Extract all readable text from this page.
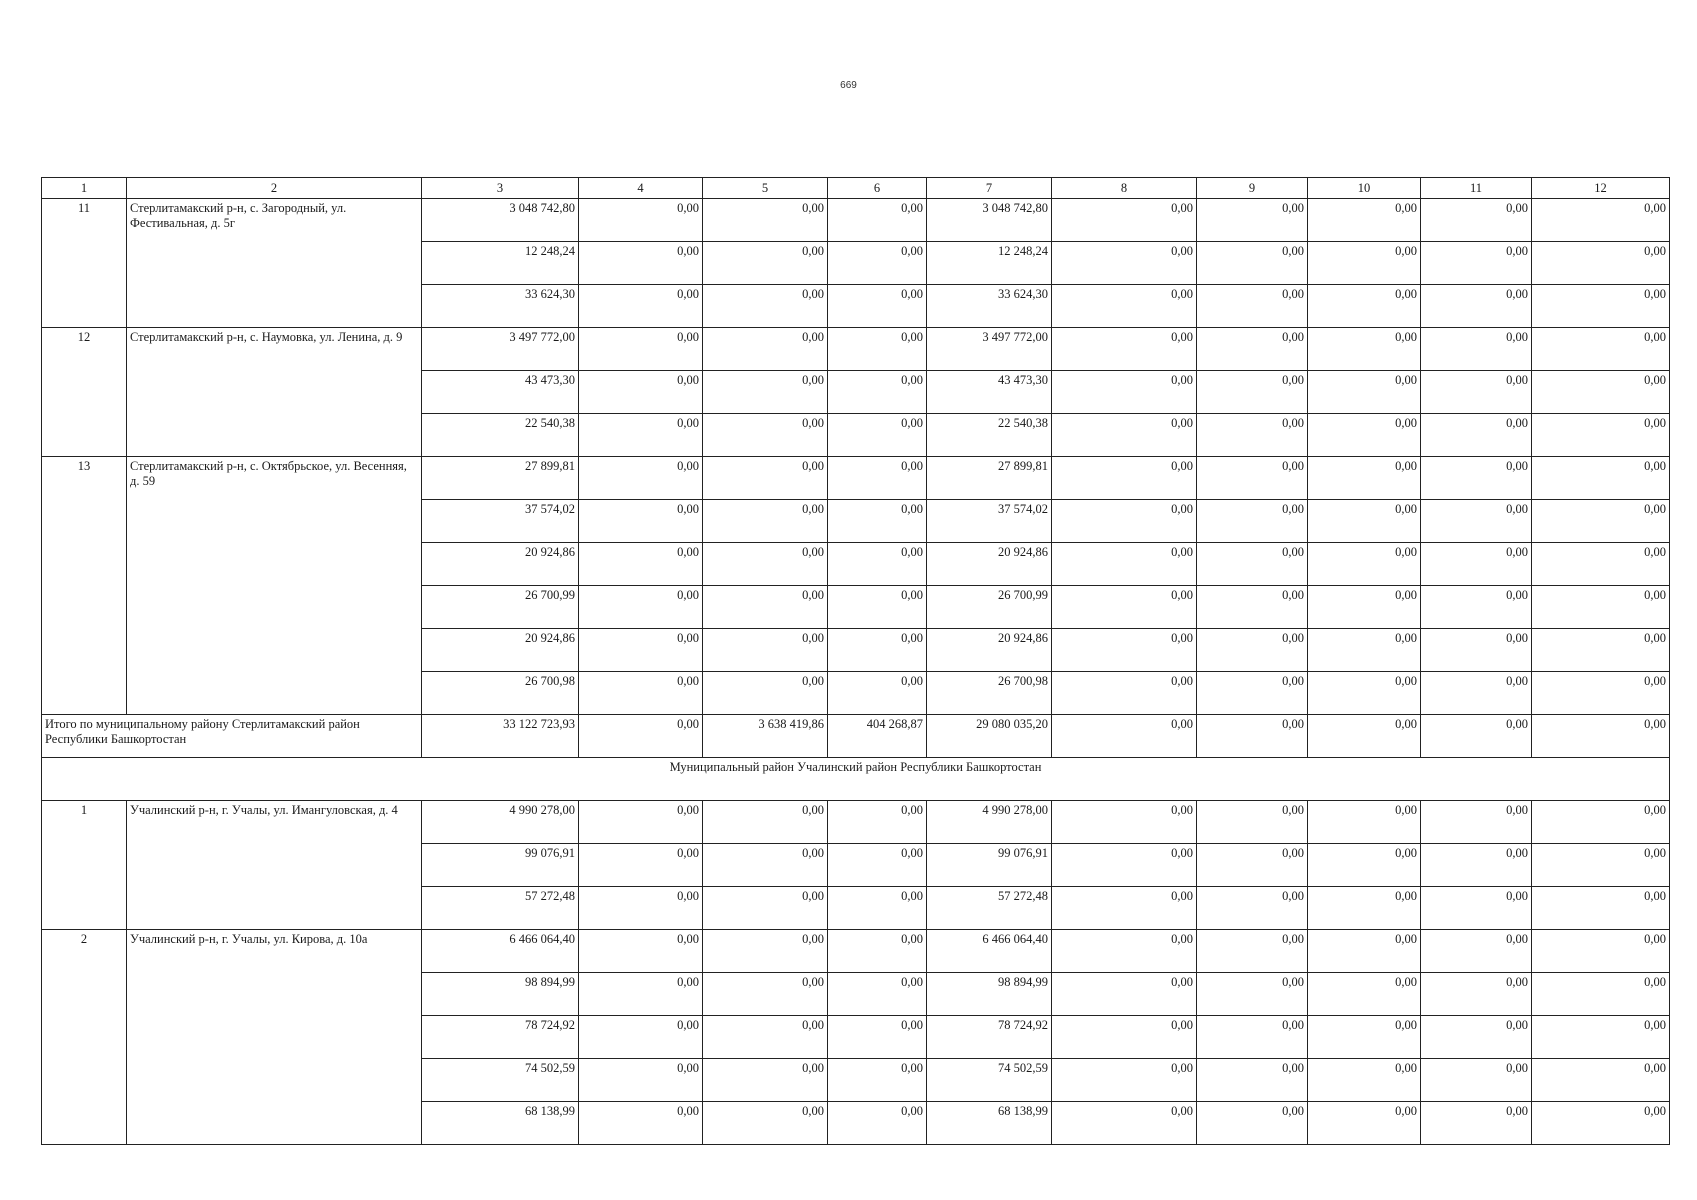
669
1	2	3	4	5	6	7	8	9	10	11	12
11	Стерлитамакский р-н, с. Загородный, ул. Фестивальная, д. 5г	3 048 742,80	0,00	0,00	0,00	3 048 742,80	0,00	0,00	0,00	0,00	0,00
		12 248,24	0,00	0,00	0,00	12 248,24	0,00	0,00	0,00	0,00	0,00
		33 624,30	0,00	0,00	0,00	33 624,30	0,00	0,00	0,00	0,00	0,00
12	Стерлитамакский р-н, с. Наумовка, ул. Ленина, д. 9	3 497 772,00	0,00	0,00	0,00	3 497 772,00	0,00	0,00	0,00	0,00	0,00
		43 473,30	0,00	0,00	0,00	43 473,30	0,00	0,00	0,00	0,00	0,00
		22 540,38	0,00	0,00	0,00	22 540,38	0,00	0,00	0,00	0,00	0,00
13	Стерлитамакский р-н, с. Октябрьское, ул. Весенняя, д. 59	27 899,81	0,00	0,00	0,00	27 899,81	0,00	0,00	0,00	0,00	0,00
		37 574,02	0,00	0,00	0,00	37 574,02	0,00	0,00	0,00	0,00	0,00
		20 924,86	0,00	0,00	0,00	20 924,86	0,00	0,00	0,00	0,00	0,00
		26 700,99	0,00	0,00	0,00	26 700,99	0,00	0,00	0,00	0,00	0,00
		20 924,86	0,00	0,00	0,00	20 924,86	0,00	0,00	0,00	0,00	0,00
		26 700,98	0,00	0,00	0,00	26 700,98	0,00	0,00	0,00	0,00	0,00
Итого по муниципальному району Стерлитамакский район Республики Башкортостан		33 122 723,93	0,00	3 638 419,86	404 268,87	29 080 035,20	0,00	0,00	0,00	0,00	0,00
Муниципальный район Учалинский район Республики Башкортостан											
1	Учалинский р-н, г. Учалы, ул. Имангуловская, д. 4	4 990 278,00	0,00	0,00	0,00	4 990 278,00	0,00	0,00	0,00	0,00	0,00
		99 076,91	0,00	0,00	0,00	99 076,91	0,00	0,00	0,00	0,00	0,00
		57 272,48	0,00	0,00	0,00	57 272,48	0,00	0,00	0,00	0,00	0,00
2	Учалинский р-н, г. Учалы, ул. Кирова, д. 10а	6 466 064,40	0,00	0,00	0,00	6 466 064,40	0,00	0,00	0,00	0,00	0,00
		98 894,99	0,00	0,00	0,00	98 894,99	0,00	0,00	0,00	0,00	0,00
		78 724,92	0,00	0,00	0,00	78 724,92	0,00	0,00	0,00	0,00	0,00
		74 502,59	0,00	0,00	0,00	74 502,59	0,00	0,00	0,00	0,00	0,00
		68 138,99	0,00	0,00	0,00	68 138,99	0,00	0,00	0,00	0,00	0,00
